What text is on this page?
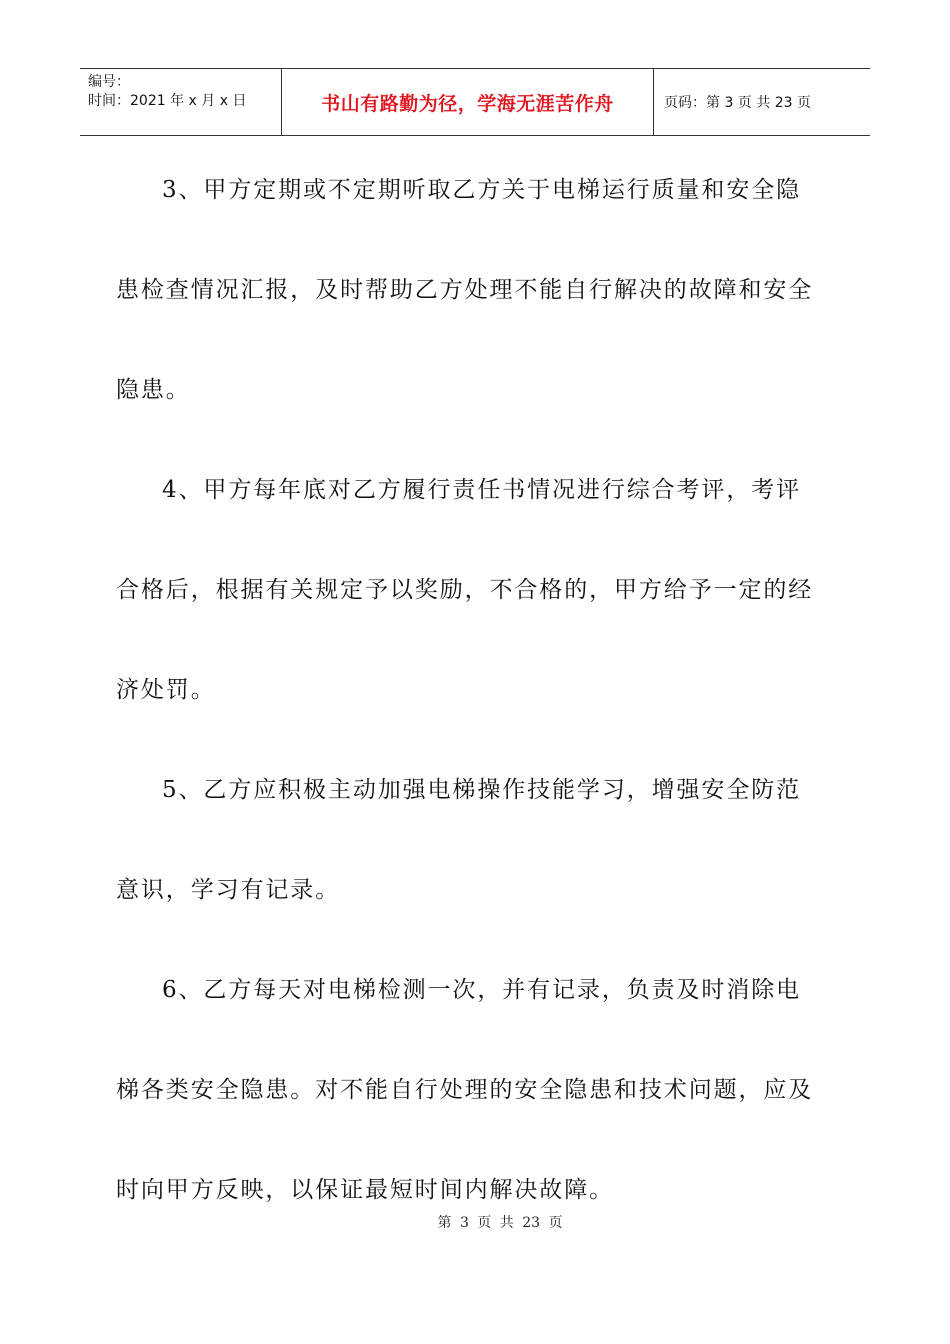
编号：
时间：2021 年 x 月 x 日	书山有路勤为径，学海无涯苦作舟	页码：第 3 页 共 23 页
3、甲方定期或不定期听取乙方关于电梯运行质量和安全隐
患检查情况汇报，及时帮助乙方处理不能自行解决的故障和安全
隐患。
4、甲方每年底对乙方履行责任书情况进行综合考评，考评
合格后，根据有关规定予以奖励，不合格的，甲方给予一定的经
济处罚。
5、乙方应积极主动加强电梯操作技能学习，增强安全防范
意识，学习有记录。
6、乙方每天对电梯检测一次，并有记录，负责及时消除电
梯各类安全隐患。对不能自行处理的安全隐患和技术问题，应及
时向甲方反映，以保证最短时间内解决故障。
第 3 页 共 23 页
